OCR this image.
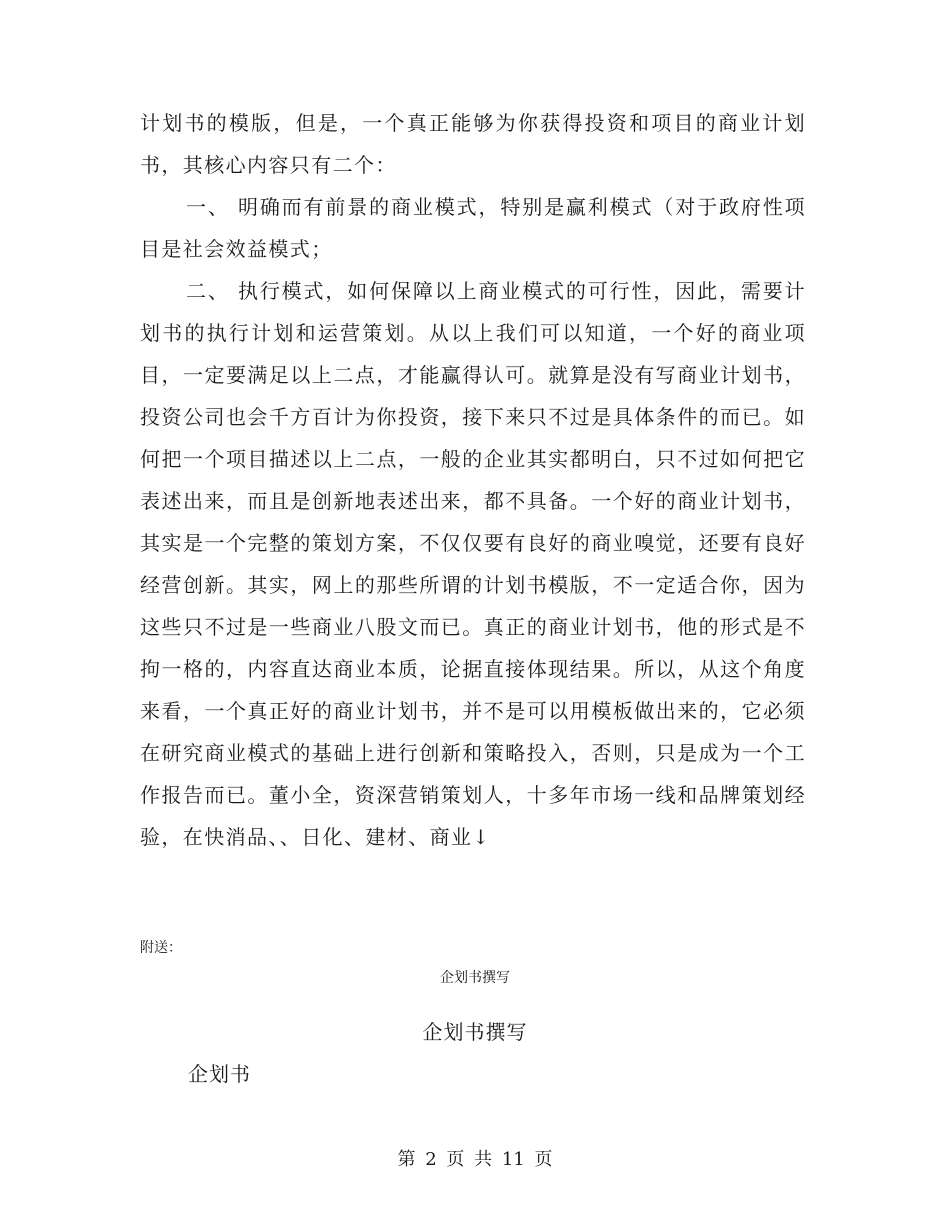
计划书的模版，但是，一个真正能够为你获得投资和项目的商业计划书，其核心内容只有二个：

一、 明确而有前景的商业模式，特别是赢利模式（对于政府性项目是社会效益模式；

二、 执行模式，如何保障以上商业模式的可行性，因此，需要计划书的执行计划和运营策划。从以上我们可以知道，一个好的商业项目，一定要满足以上二点，才能赢得认可。就算是没有写商业计划书，投资公司也会千方百计为你投资，接下来只不过是具体条件的而已。如何把一个项目描述以上二点，一般的企业其实都明白，只不过如何把它表述出来，而且是创新地表述出来，都不具备。一个好的商业计划书，其实是一个完整的策划方案，不仅仅要有良好的商业嗅觉，还要有良好经营创新。其实，网上的那些所谓的计划书模版，不一定适合你，因为这些只不过是一些商业八股文而已。真正的商业计划书，他的形式是不拘一格的，内容直达商业本质，论据直接体现结果。所以，从这个角度来看，一个真正好的商业计划书，并不是可以用模板做出来的，它必须在研究商业模式的基础上进行创新和策略投入，否则，只是成为一个工作报告而已。董小全，资深营销策划人，十多年市场一线和品牌策划经验，在快消品、、日化、建材、商业↓

附送：
企划书撰写
企划书撰写
企划书
第 2 页 共 11 页
